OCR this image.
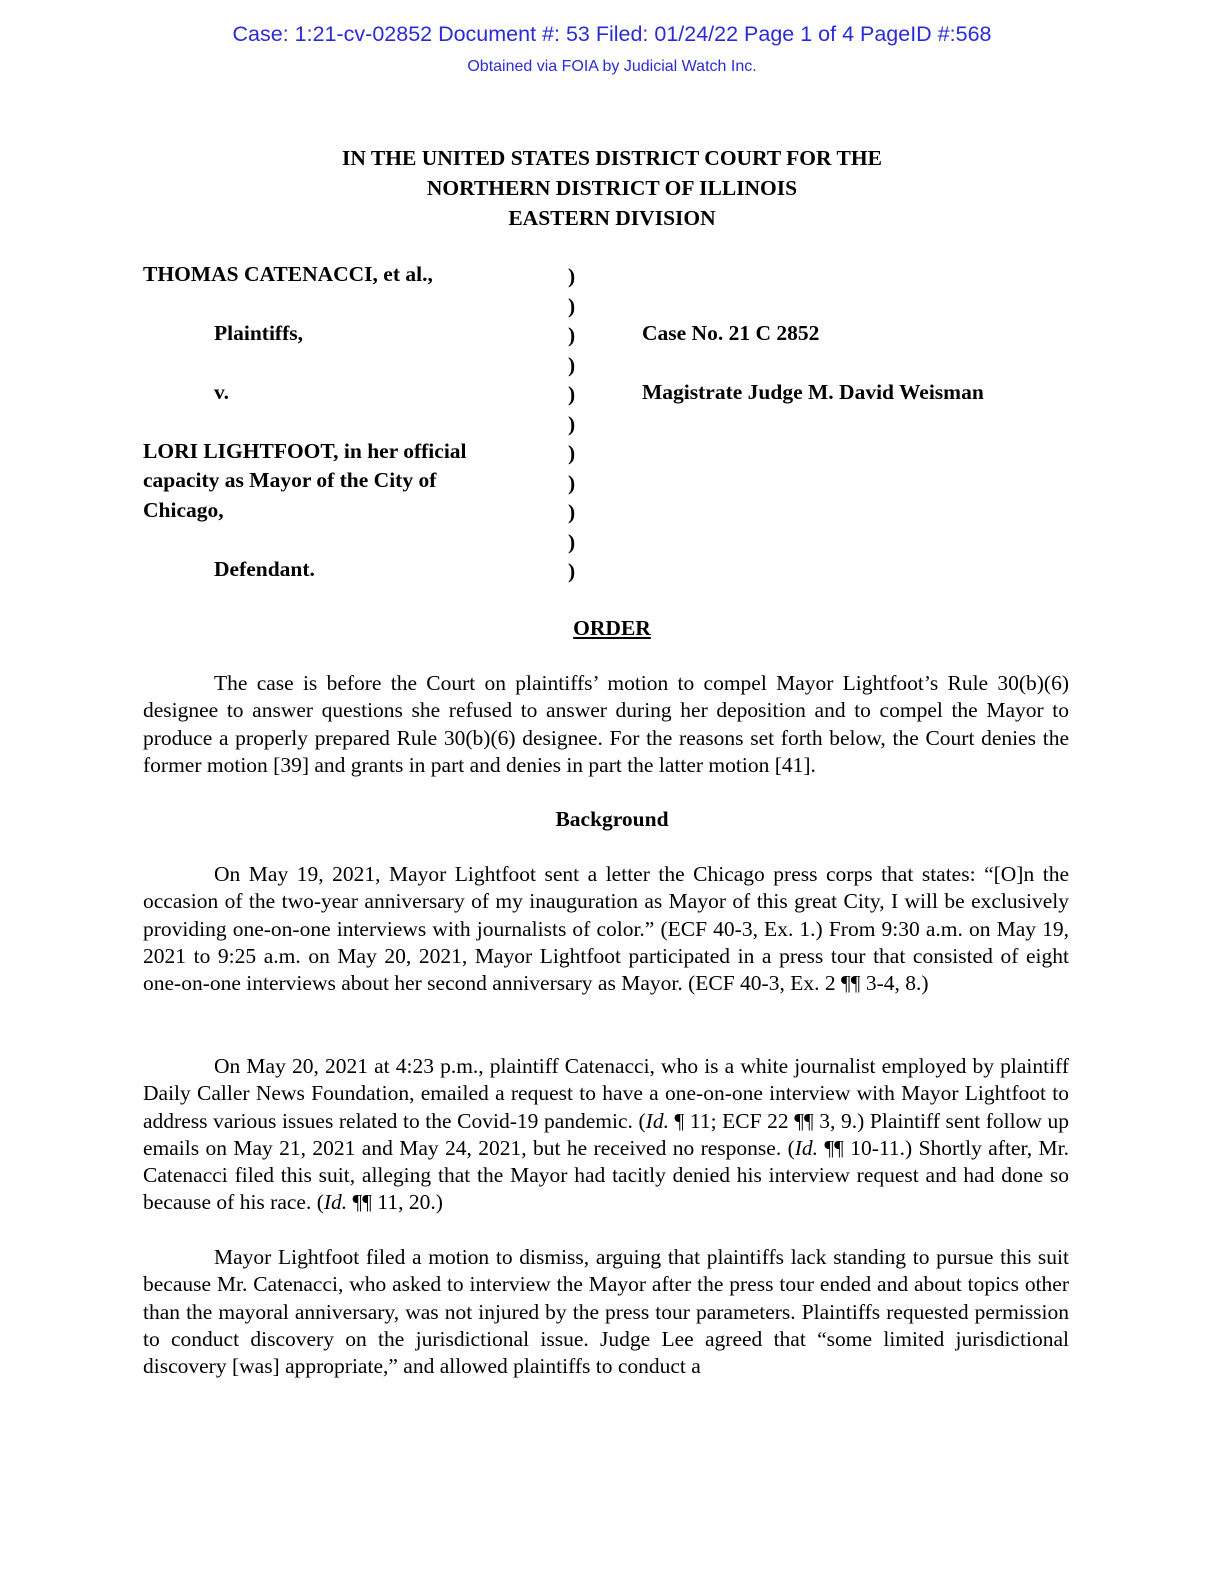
Case: 1:21-cv-02852 Document #: 53 Filed: 01/24/22 Page 1 of 4 PageID #:568
Obtained via FOIA by Judicial Watch Inc.
IN THE UNITED STATES DISTRICT COURT FOR THE
NORTHERN DISTRICT OF ILLINOIS
EASTERN DIVISION
THOMAS CATENACCI, et al.,
Plaintiffs,
v.
LORI LIGHTFOOT, in her official
capacity as Mayor of the City of
Chicago,
Defendant.
)
)
)
)
)
)
)
)
)
)
)
Case No. 21 C 2852
Magistrate Judge M. David Weisman
ORDER
The case is before the Court on plaintiffs’ motion to compel Mayor Lightfoot’s Rule 30(b)(6) designee to answer questions she refused to answer during her deposition and to compel the Mayor to produce a properly prepared Rule 30(b)(6) designee. For the reasons set forth below, the Court denies the former motion [39] and grants in part and denies in part the latter motion [41].
Background
On May 19, 2021, Mayor Lightfoot sent a letter the Chicago press corps that states: “[O]n the occasion of the two-year anniversary of my inauguration as Mayor of this great City, I will be exclusively providing one-on-one interviews with journalists of color.” (ECF 40-3, Ex. 1.) From 9:30 a.m. on May 19, 2021 to 9:25 a.m. on May 20, 2021, Mayor Lightfoot participated in a press tour that consisted of eight one-on-one interviews about her second anniversary as Mayor. (ECF 40-3, Ex. 2 ¶¶ 3-4, 8.)
On May 20, 2021 at 4:23 p.m., plaintiff Catenacci, who is a white journalist employed by plaintiff Daily Caller News Foundation, emailed a request to have a one-on-one interview with Mayor Lightfoot to address various issues related to the Covid-19 pandemic. (Id. ¶ 11; ECF 22 ¶¶ 3, 9.) Plaintiff sent follow up emails on May 21, 2021 and May 24, 2021, but he received no response. (Id. ¶¶ 10-11.) Shortly after, Mr. Catenacci filed this suit, alleging that the Mayor had tacitly denied his interview request and had done so because of his race. (Id. ¶¶ 11, 20.)
Mayor Lightfoot filed a motion to dismiss, arguing that plaintiffs lack standing to pursue this suit because Mr. Catenacci, who asked to interview the Mayor after the press tour ended and about topics other than the mayoral anniversary, was not injured by the press tour parameters. Plaintiffs requested permission to conduct discovery on the jurisdictional issue. Judge Lee agreed that “some limited jurisdictional discovery [was] appropriate,” and allowed plaintiffs to conduct a
